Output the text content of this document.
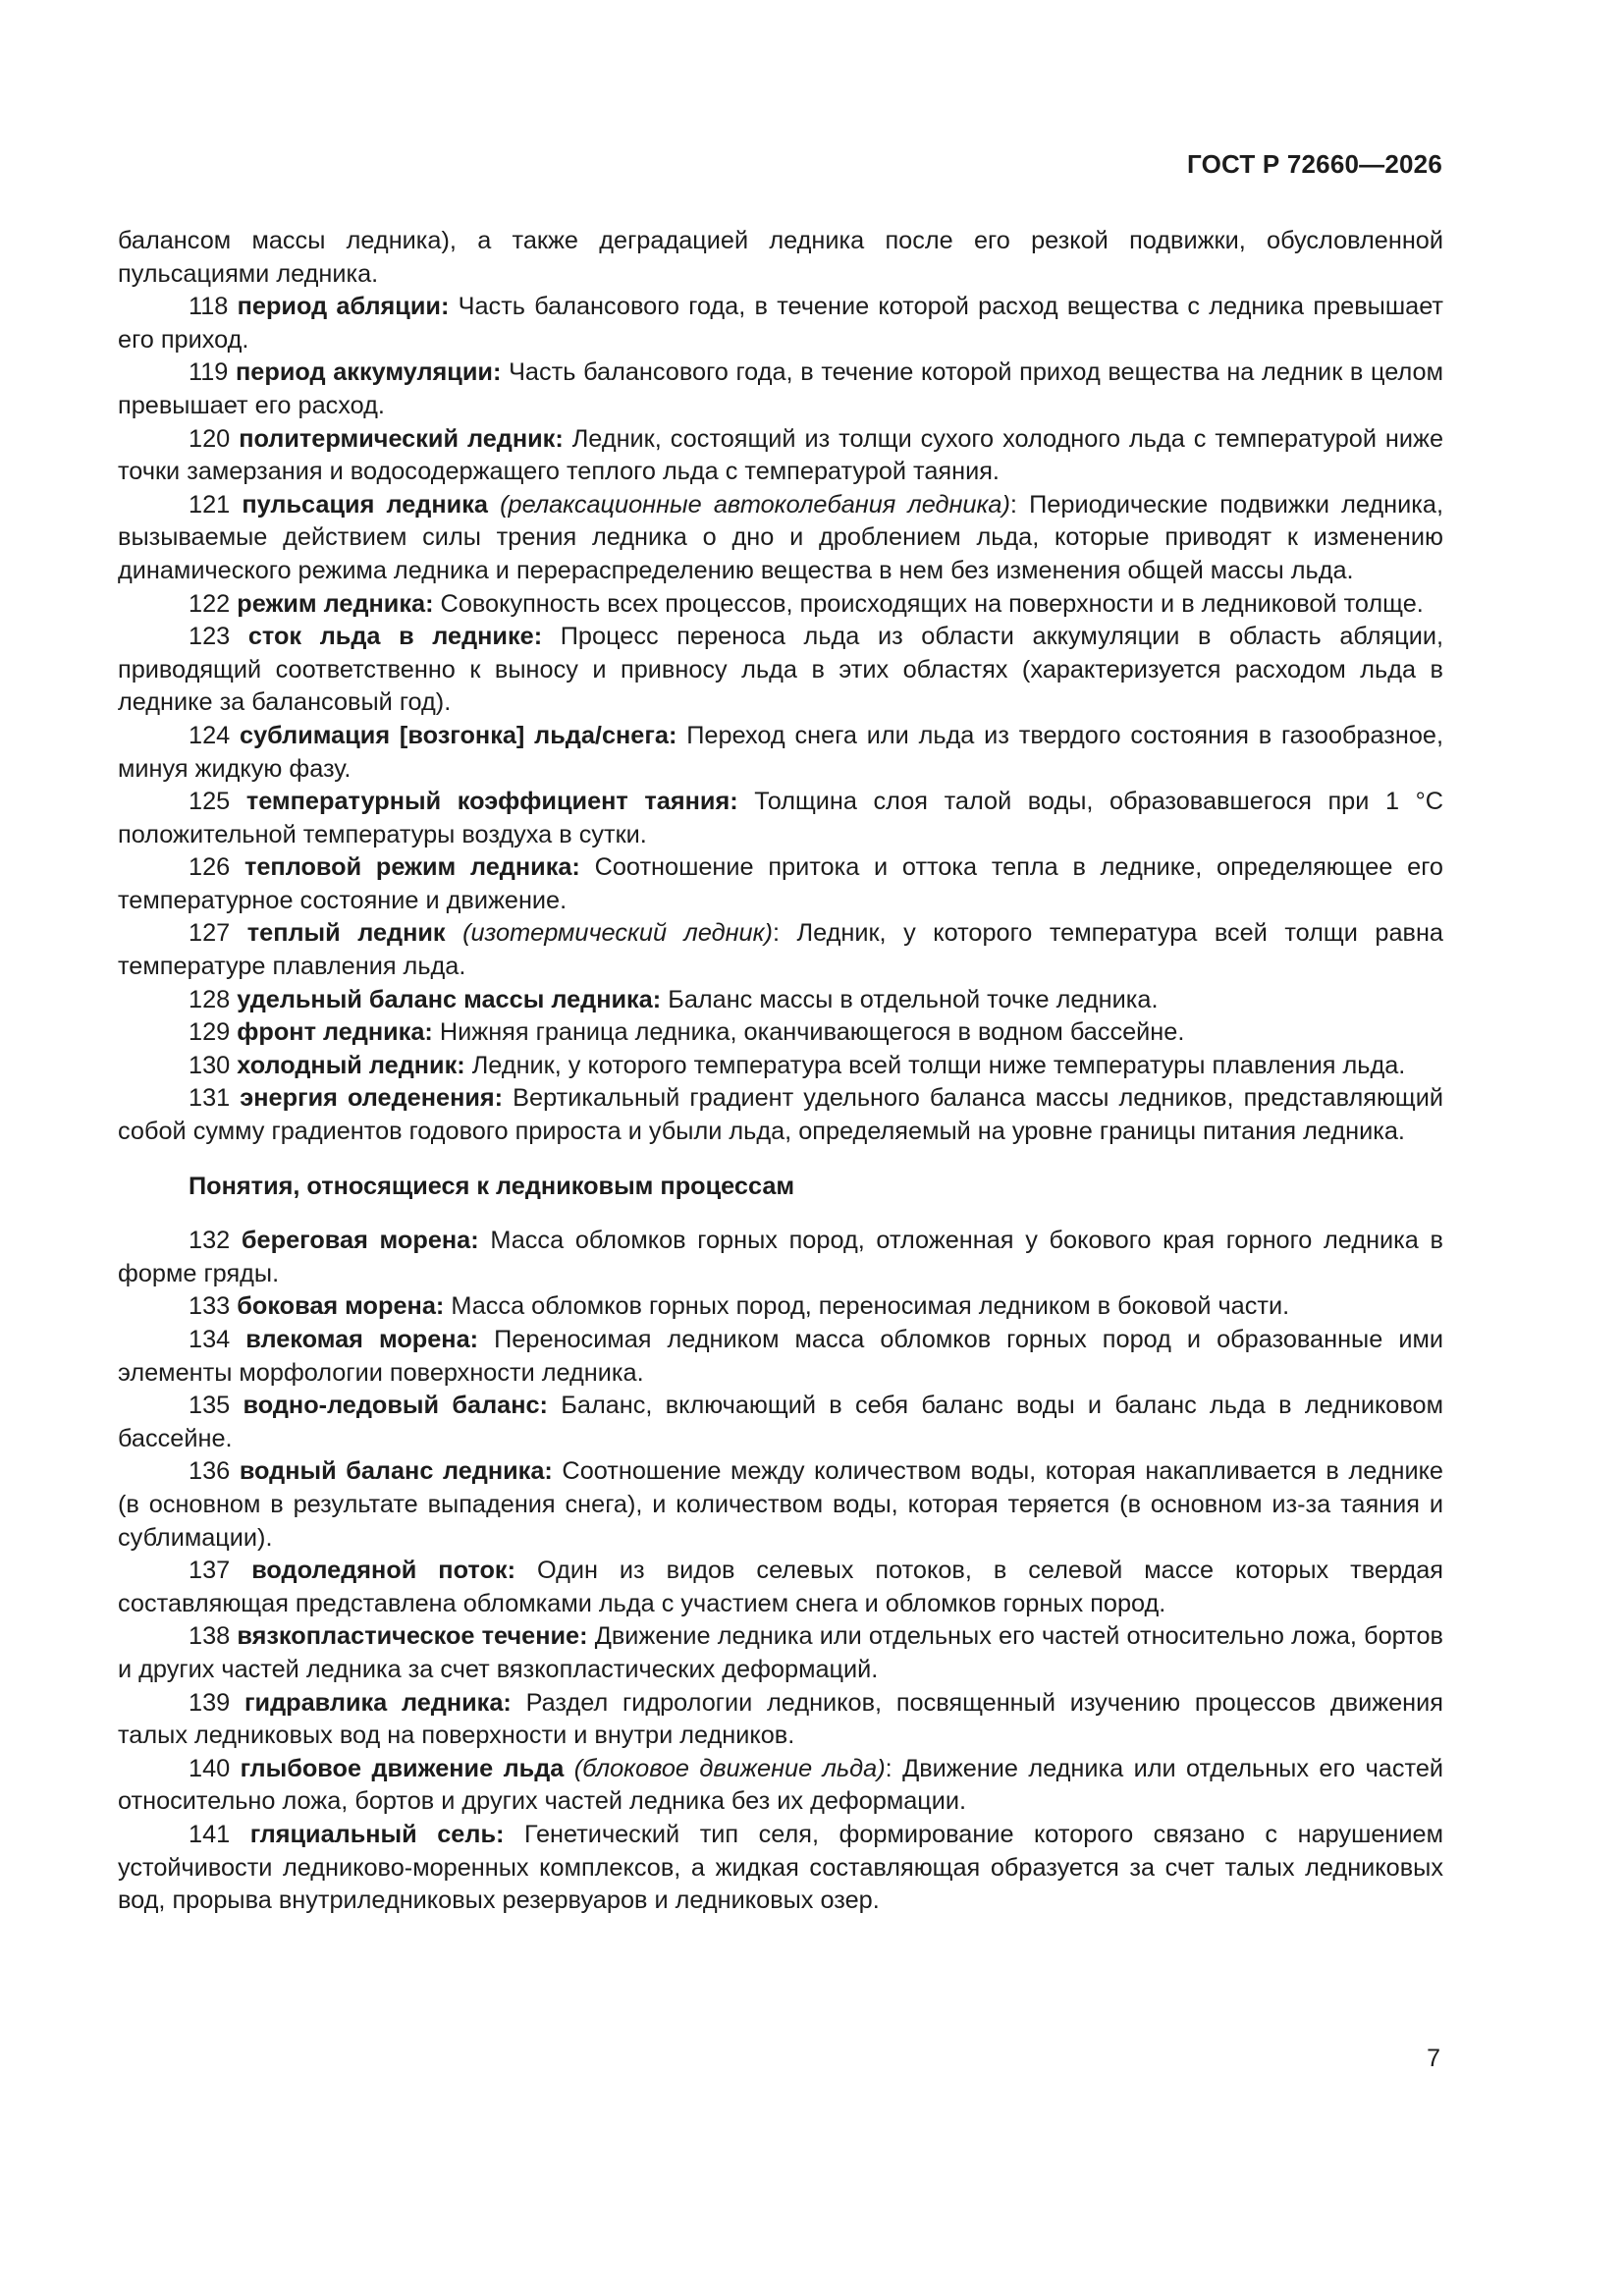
ГОСТ Р 72660—2026

балансом массы ледника), а также деградацией ледника после его резкой подвижки, обусловленной пульсациями ледника.

118 период абляции: Часть балансового года, в течение которой расход вещества с ледника превышает его приход.

119 период аккумуляции: Часть балансового года, в течение которой приход вещества на ледник в целом превышает его расход.

120 политермический ледник: Ледник, состоящий из толщи сухого холодного льда с температурой ниже точки замерзания и водосодержащего теплого льда с температурой таяния.

121 пульсация ледника (релаксационные автоколебания ледника): Периодические подвижки ледника, вызываемые действием силы трения ледника о дно и дроблением льда, которые приводят к изменению динамического режима ледника и перераспределению вещества в нем без изменения общей массы льда.

122 режим ледника: Совокупность всех процессов, происходящих на поверхности и в ледниковой толще.

123 сток льда в леднике: Процесс переноса льда из области аккумуляции в область абляции, приводящий соответственно к выносу и привносу льда в этих областях (характеризуется расходом льда в леднике за балансовый год).

124 сублимация [возгонка] льда/снега: Переход снега или льда из твердого состояния в газообразное, минуя жидкую фазу.

125 температурный коэффициент таяния: Толщина слоя талой воды, образовавшегося при 1 °С положительной температуры воздуха в сутки.

126 тепловой режим ледника: Соотношение притока и оттока тепла в леднике, определяющее его температурное состояние и движение.

127 теплый ледник (изотермический ледник): Ледник, у которого температура всей толщи равна температуре плавления льда.

128 удельный баланс массы ледника: Баланс массы в отдельной точке ледника.

129 фронт ледника: Нижняя граница ледника, оканчивающегося в водном бассейне.

130 холодный ледник: Ледник, у которого температура всей толщи ниже температуры плавления льда.

131 энергия оледенения: Вертикальный градиент удельного баланса массы ледников, представляющий собой сумму градиентов годового прироста и убыли льда, определяемый на уровне границы питания ледника.

Понятия, относящиеся к ледниковым процессам

132 береговая морена: Масса обломков горных пород, отложенная у бокового края горного ледника в форме гряды.

133 боковая морена: Масса обломков горных пород, переносимая ледником в боковой части.

134 влекомая морена: Переносимая ледником масса обломков горных пород и образованные ими элементы морфологии поверхности ледника.

135 водно-ледовый баланс: Баланс, включающий в себя баланс воды и баланс льда в ледниковом бассейне.

136 водный баланс ледника: Соотношение между количеством воды, которая накапливается в леднике (в основном в результате выпадения снега), и количеством воды, которая теряется (в основном из-за таяния и сублимации).

137 водоледяной поток: Один из видов селевых потоков, в селевой массе которых твердая составляющая представлена обломками льда с участием снега и обломков горных пород.

138 вязкопластическое течение: Движение ледника или отдельных его частей относительно ложа, бортов и других частей ледника за счет вязкопластических деформаций.

139 гидравлика ледника: Раздел гидрологии ледников, посвященный изучению процессов движения талых ледниковых вод на поверхности и внутри ледников.

140 глыбовое движение льда (блоковое движение льда): Движение ледника или отдельных его частей относительно ложа, бортов и других частей ледника без их деформации.

141 гляциальный сель: Генетический тип селя, формирование которого связано с нарушением устойчивости ледниково-моренных комплексов, а жидкая составляющая образуется за счет талых ледниковых вод, прорыва внутриледниковых резервуаров и ледниковых озер.

7
